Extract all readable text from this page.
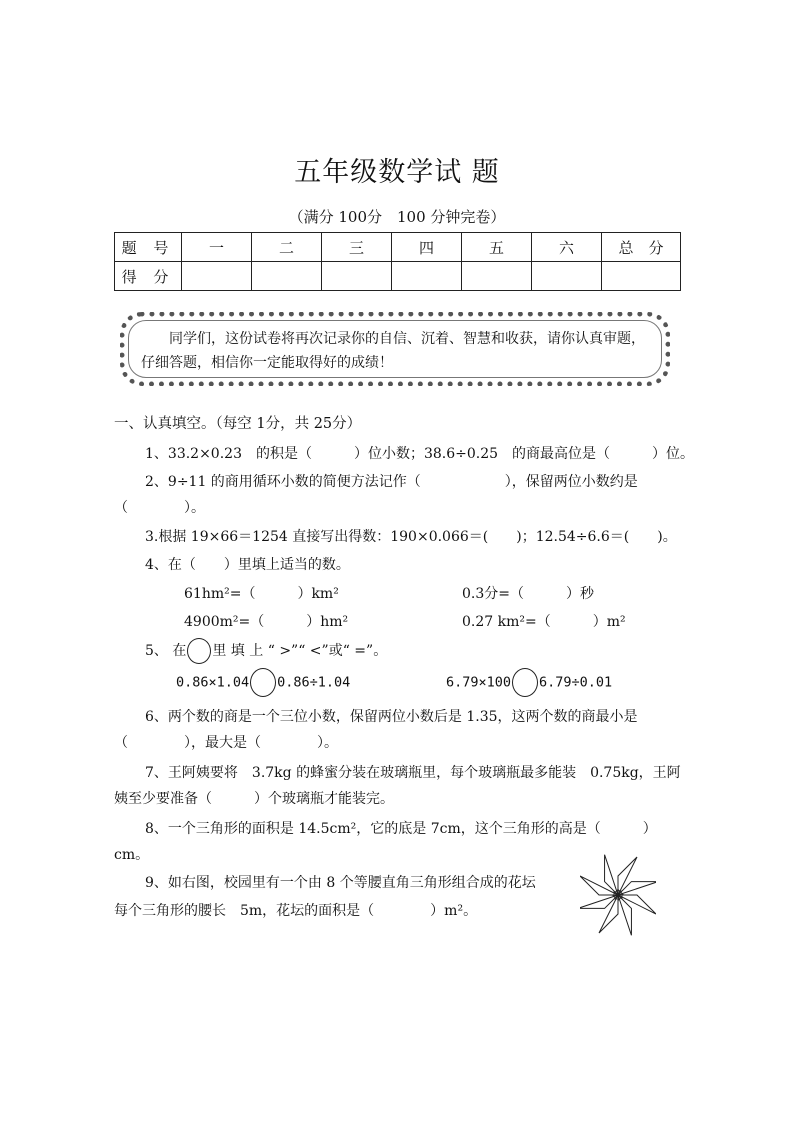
五年级数学试 题
（满分 100分　100 分钟完卷）
题 号	一	二	三	四	五	六	总　分
得 分							
同学们，这份试卷将再次记录你的自信、沉着、智慧和收获，请你认真审题，仔细答题，相信你一定能取得好的成绩！
一、认真填空。（每空 1分，共 25分）
1、33.2×0.23　的积是（　　　）位小数；38.6÷0.25　的商最高位是（　　　）位。
2、9÷11 的商用循环小数的简便方法记作（　　　　　　），保留两位小数约是
（　　　　）。
3.根据 19×66＝1254 直接写出得数：190×0.066＝(　　)；12.54÷6.6＝(　　)。
4、在（　　）里填上适当的数。
61hm²=（　　　）km²	0.3分=（　　　）秒
4900m²=（　　　）hm²	0.27 km²=（　　　）m²
5、 在 里 填 上 “ >”“ <”或“ =”。
0.86×1.04 0.86÷1.04	6.79×100 6.79÷0.01
6、两个数的商是一个三位小数，保留两位小数后是 1.35，这两个数的商最小是
（　　　　），最大是（　　　　）。
7、王阿姨要将　3.7kg 的蜂蜜分装在玻璃瓶里，每个玻璃瓶最多能装　0.75kg，王阿
姨至少要准备（　　　）个玻璃瓶才能装完。
8、一个三角形的面积是 14.5cm²，它的底是 7cm，这个三角形的高是（　　　）
cm。
9、如右图，校园里有一个由 8 个等腰直角三角形组合成的花坛
每个三角形的腰长　5m，花坛的面积是（　　　　）m²。
